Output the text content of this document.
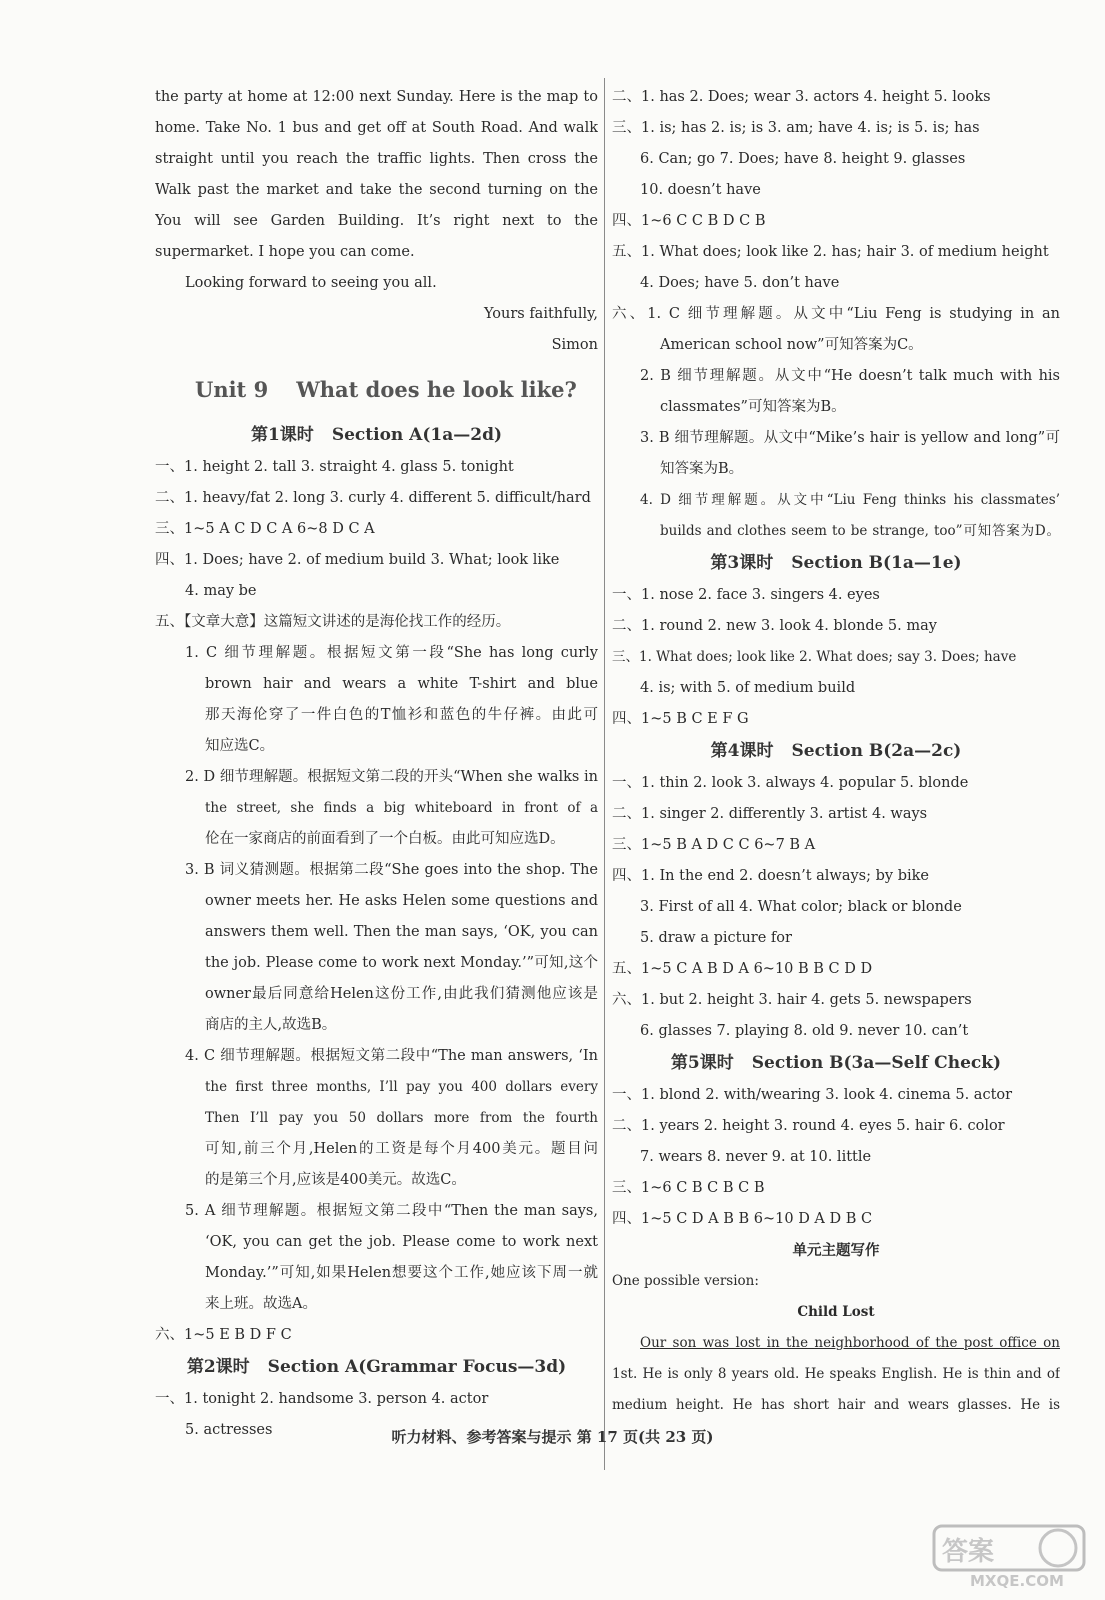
the party at home at 12:00 next Sunday. Here is the map to
home. Take No. 1 bus and get off at South Road. And walk
straight until you reach the traffic lights. Then cross the
Walk past the market and take the second turning on the
You will see Garden Building. It’s right next to the
supermarket. I hope you can come.
Looking forward to seeing you all.
Yours faithfully,
Simon
Unit 9 What does he look like?
第1课时 Section A(1a—2d)
一、1. height 2. tall 3. straight 4. glass 5. tonight
二、1. heavy/fat 2. long 3. curly 4. different 5. difficult/hard
三、1~5 A C D C A 6~8 D C A
四、1. Does; have 2. of medium build 3. What; look like
4. may be
五、【文章大意】这篇短文讲述的是海伦找工作的经历。
1. C 细节理解题。根据短文第一段“She has long curly
brown hair and wears a white T-shirt and blue
那天海伦穿了一件白色的T恤衫和蓝色的牛仔裤。由此可
知应选C。
2. D 细节理解题。根据短文第二段的开头“When she walks in
the street, she finds a big whiteboard in front of a
伦在一家商店的前面看到了一个白板。由此可知应选D。
3. B 词义猜测题。根据第二段“She goes into the shop. The
owner meets her. He asks Helen some questions and
answers them well. Then the man says, ‘OK, you can
the job. Please come to work next Monday.’”可知,这个
owner最后同意给Helen这份工作,由此我们猜测他应该是
商店的主人,故选B。
4. C 细节理解题。根据短文第二段中“The man answers, ‘In
the first three months, I’ll pay you 400 dollars every
Then I’ll pay you 50 dollars more from the fourth
可知,前三个月,Helen的工资是每个月400美元。题目问
的是第三个月,应该是400美元。故选C。
5. A 细节理解题。根据短文第二段中“Then the man says,
‘OK, you can get the job. Please come to work next
Monday.’”可知,如果Helen想要这个工作,她应该下周一就
来上班。故选A。
六、1~5 E B D F C
第2课时 Section A(Grammar Focus—3d)
一、1. tonight 2. handsome 3. person 4. actor
5. actresses
二、1. has 2. Does; wear 3. actors 4. height 5. looks
三、1. is; has 2. is; is 3. am; have 4. is; is 5. is; has
6. Can; go 7. Does; have 8. height 9. glasses
10. doesn’t have
四、1~6 C C B D C B
五、1. What does; look like 2. has; hair 3. of medium height
4. Does; have 5. don’t have
六、1. C 细节理解题。从文中“Liu Feng is studying in an
American school now”可知答案为C。
2. B 细节理解题。从文中“He doesn’t talk much with his
classmates”可知答案为B。
3. B 细节理解题。从文中“Mike’s hair is yellow and long”可
知答案为B。
4. D 细节理解题。从文中“Liu Feng thinks his classmates’
builds and clothes seem to be strange, too”可知答案为D。
第3课时 Section B(1a—1e)
一、1. nose 2. face 3. singers 4. eyes
二、1. round 2. new 3. look 4. blonde 5. may
三、1. What does; look like 2. What does; say 3. Does; have
4. is; with 5. of medium build
四、1~5 B C E F G
第4课时 Section B(2a—2c)
一、1. thin 2. look 3. always 4. popular 5. blonde
二、1. singer 2. differently 3. artist 4. ways
三、1~5 B A D C C 6~7 B A
四、1. In the end 2. doesn’t always; by bike
3. First of all 4. What color; black or blonde
5. draw a picture for
五、1~5 C A B D A 6~10 B B C D D
六、1. but 2. height 3. hair 4. gets 5. newspapers
6. glasses 7. playing 8. old 9. never 10. can’t
第5课时 Section B(3a—Self Check)
一、1. blond 2. with/wearing 3. look 4. cinema 5. actor
二、1. years 2. height 3. round 4. eyes 5. hair 6. color
7. wears 8. never 9. at 10. little
三、1~6 C B C B C B
四、1~5 C D A B B 6~10 D A D B C
单元主题写作
One possible version:
Child Lost
Our son was lost in the neighborhood of the post office on
1st. He is only 8 years old. He speaks English. He is thin and of
medium height. He has short hair and wears glasses. He is
听力材料、参考答案与提示 第 17 页(共 23 页)
答案
MXQE.COM
